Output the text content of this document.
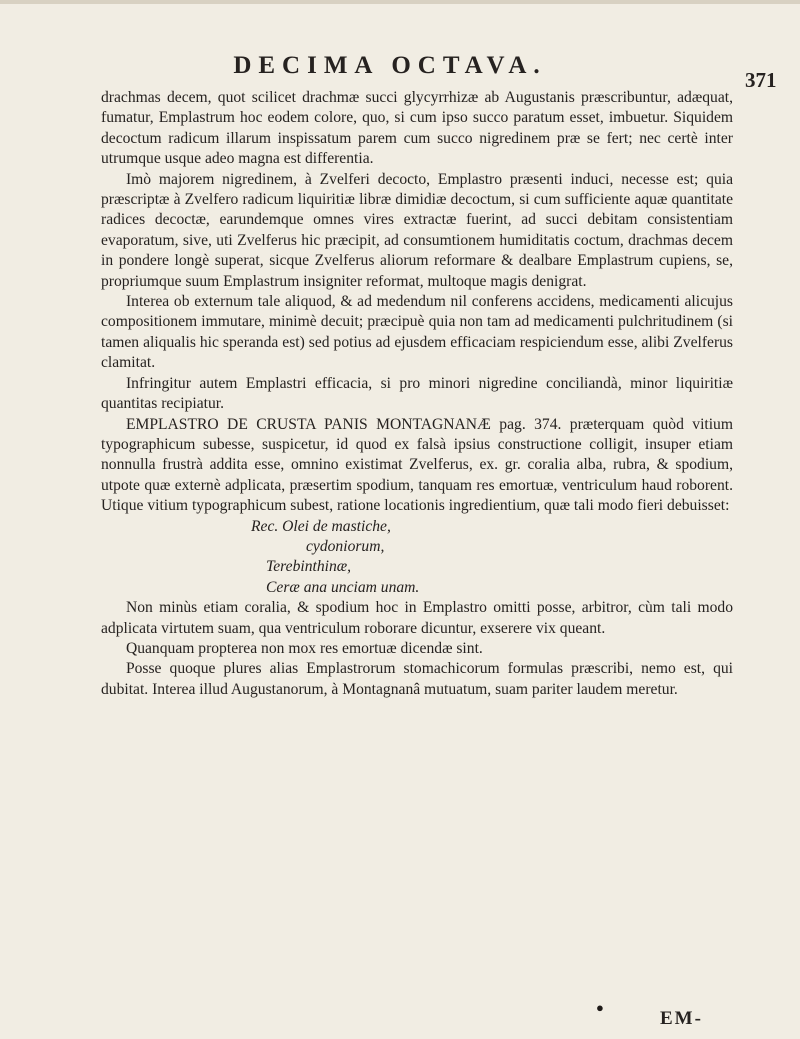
DECIMA OCTAVA.
371

drachmas decem, quot scilicet drachmæ succi glycyrrhizæ ab Augustanis præscribuntur, adæquat, fumatur, Emplastrum hoc eodem colore, quo, si cum ipso succo paratum esset, imbuetur. Siquidem decoctum radicum illarum inspissatum parem cum succo nigredinem præ se fert; nec certè inter utrumque usque adeo magna est differentia.

Imò majorem nigredinem, à Zvelferi decocto, Emplastro præsenti induci, necesse est; quia præscriptæ à Zvelfero radicum liquiritiæ libræ dimidiæ decoctum, si cum sufficiente aquæ quantitate radices decoctæ, earundemque omnes vires extractæ fuerint, ad succi debitam consistentiam evaporatum, sive, uti Zvelferus hic præcipit, ad consumtionem humiditatis coctum, drachmas decem in pondere longè superat, sicque Zvelferus aliorum reformare & dealbare Emplastrum cupiens, se, propriumque suum Emplastrum insigniter reformat, multoque magis denigrat.

Interea ob externum tale aliquod, & ad medendum nil conferens accidens, medicamenti alicujus compositionem immutare, minimè decuit; præcipuè quia non tam ad medicamenti pulchritudinem (si tamen aliqualis hic speranda est) sed potius ad ejusdem efficaciam respiciendum esse, alibi Zvelferus clamitat.

Infringitur autem Emplastri efficacia, si pro minori nigredine conciliandà, minor liquiritiæ quantitas recipiatur.

EMPLASTRO DE CRUSTA PANIS MONTAGNANÆ pag. 374. præterquam quòd vitium typographicum subesse, suspicetur, id quod ex falsà ipsius constructione colligit, insuper etiam nonnulla frustrà addita esse, omnino existimat Zvelferus, ex. gr. coralia alba, rubra, & spodium, utpote quæ externè adplicata, præsertim spodium, tanquam res emortuæ, ventriculum haud roborent. Utique vitium typographicum subest, ratione locationis ingredientium, quæ tali modo fieri debuisset:

Rec. Olei de mastiche,

cydoniorum,

Terebinthinæ,

Ceræ ana unciam unam.

Non minùs etiam coralia, & spodium hoc in Emplastro omitti posse, arbitror, cùm tali modo adplicata virtutem suam, qua ventriculum roborare dicuntur, exserere vix queant.

Quanquam propterea non mox res emortuæ dicendæ sint.

Posse quoque plures alias Emplastrorum stomachicorum formulas præscribi, nemo est, qui dubitat. Interea illud Augustanorum, à Montagnanâ mutuatum, suam pariter laudem meretur.

●
EM-
